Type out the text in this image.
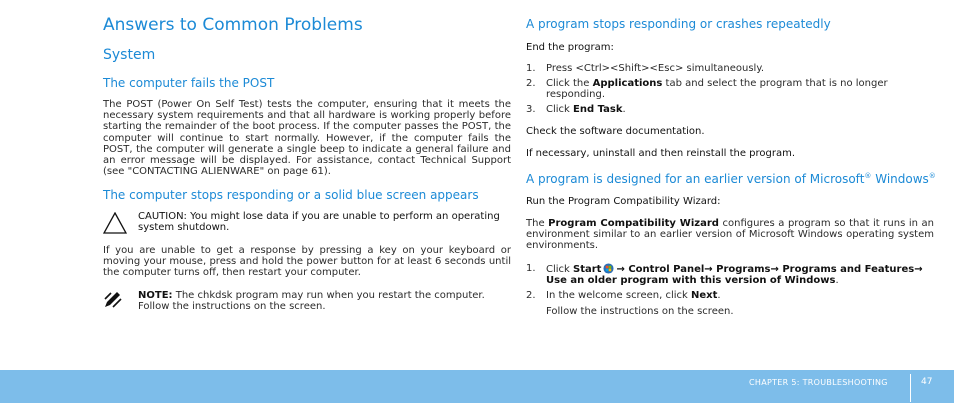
Answers to Common Problems
System
The computer fails the POST

The POST (Power On Self Test) tests the computer, ensuring that it meets the necessary system requirements and that all hardware is working properly before starting the remainder of the boot process. If the computer passes the POST, the computer will continue to start normally. However, if the computer fails the POST, the computer will generate a single beep to indicate a general failure and an error message will be displayed. For assistance, contact Technical Support (see "CONTACTING ALIENWARE" on page 61).

The computer stops responding or a solid blue screen appears

CAUTION: You might lose data if you are unable to perform an operating system shutdown.

If you are unable to get a response by pressing a key on your keyboard or moving your mouse, press and hold the power button for at least 6 seconds until the computer turns off, then restart your computer.

NOTE: The chkdsk program may run when you restart the computer. Follow the instructions on the screen.

A program stops responding or crashes repeatedly

End the program:

1. Press <Ctrl><Shift><Esc> simultaneously.
2. Click the Applications tab and select the program that is no longer responding.
3. Click End Task.

Check the software documentation.

If necessary, uninstall and then reinstall the program.

A program is designed for an earlier version of Microsoft® Windows®

Run the Program Compatibility Wizard:

The Program Compatibility Wizard configures a program so that it runs in an environment similar to an earlier version of Microsoft Windows operating system environments.

1. Click Start → Control Panel→ Programs→ Programs and Features→
Use an older program with this version of Windows.
2. In the welcome screen, click Next.
Follow the instructions on the screen.
CHAPTER 5: TROUBLESHOOTING	47
